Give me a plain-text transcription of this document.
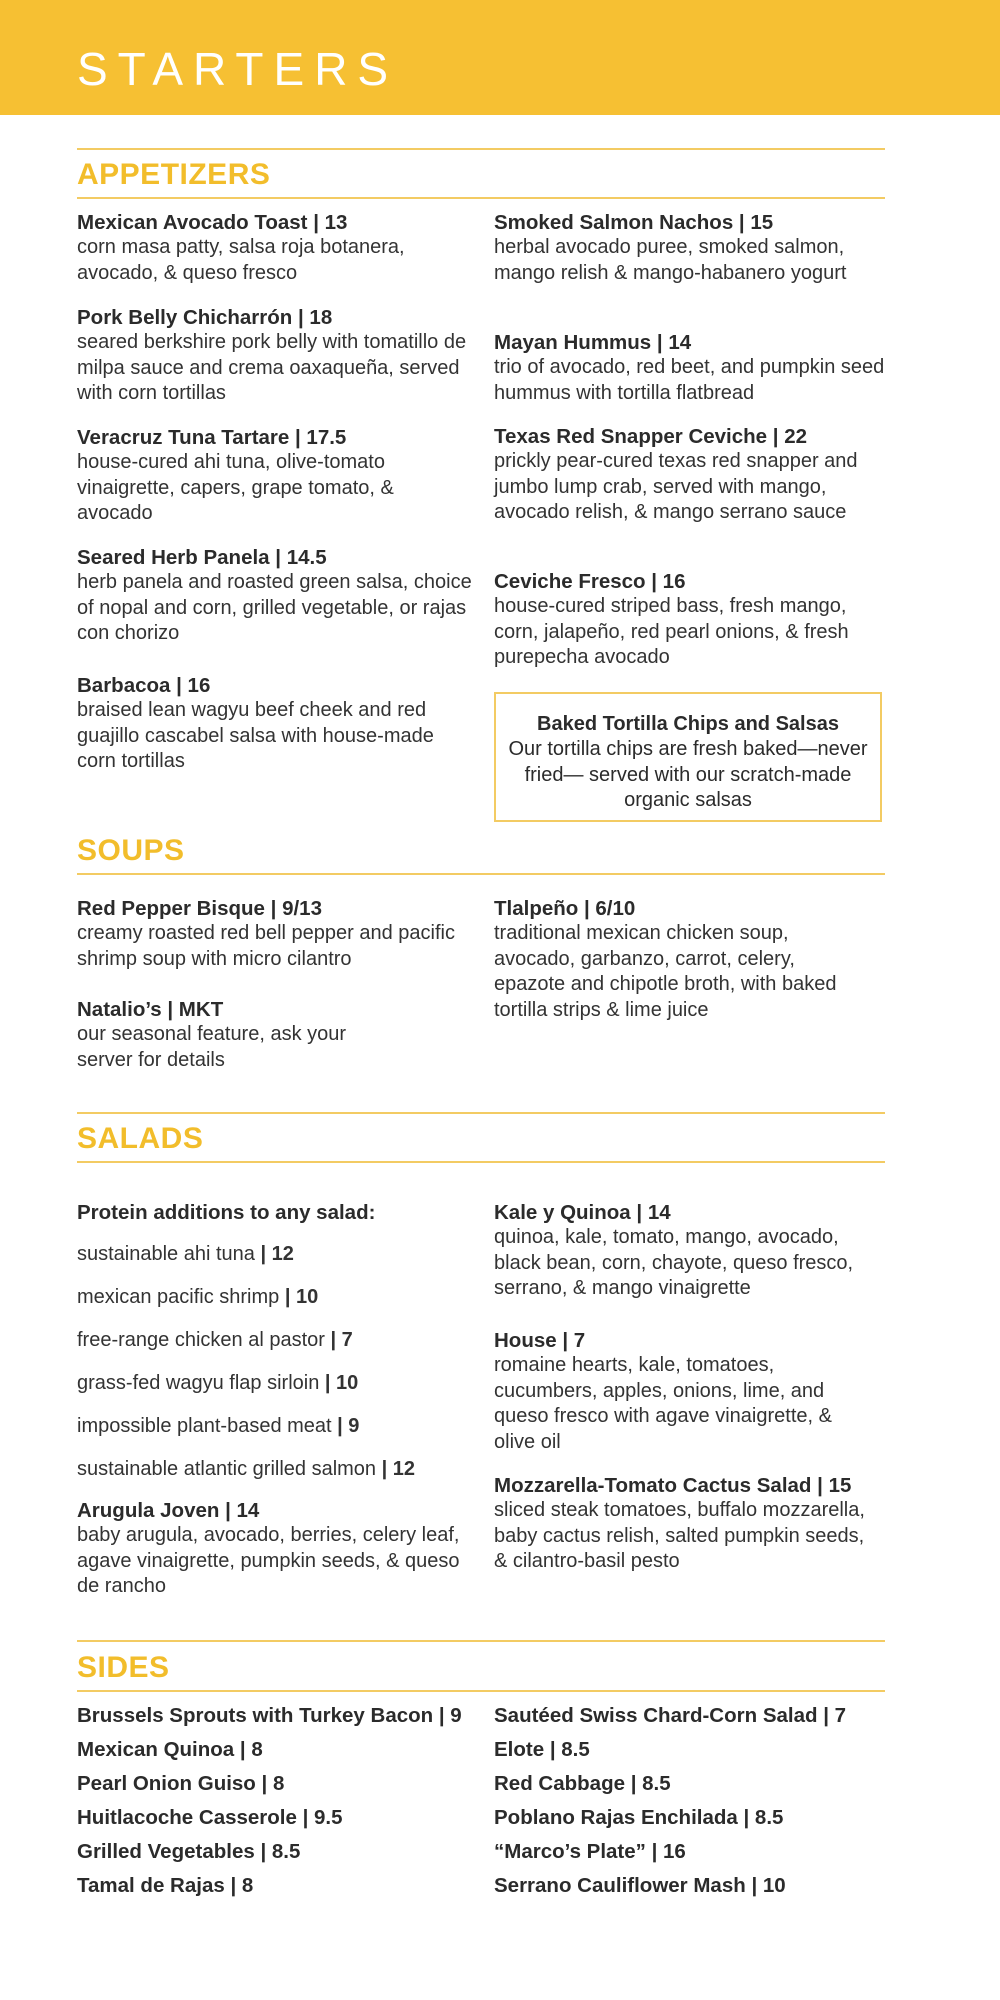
STARTERS
APPETIZERS
Mexican Avocado Toast | 13
corn masa patty, salsa roja botanera, avocado, & queso fresco
Pork Belly Chicharrón | 18
seared berkshire pork belly with tomatillo de milpa sauce and crema oaxaqueña, served with corn tortillas
Veracruz Tuna Tartare | 17.5
house-cured ahi tuna, olive-tomato vinaigrette, capers, grape tomato, & avocado
Seared Herb Panela | 14.5
herb panela and roasted green salsa, choice of nopal and corn, grilled vegetable, or rajas con chorizo
Barbacoa | 16
braised lean wagyu beef cheek and red guajillo cascabel salsa with house-made corn tortillas
Smoked Salmon Nachos | 15
herbal avocado puree, smoked salmon, mango relish & mango-habanero yogurt
Mayan Hummus | 14
trio of avocado, red beet, and pumpkin seed hummus with tortilla flatbread
Texas Red Snapper Ceviche | 22
prickly pear-cured texas red snapper and jumbo lump crab, served with mango, avocado relish, & mango serrano sauce
Ceviche Fresco | 16
house-cured striped bass, fresh mango, corn, jalapeño, red pearl onions, & fresh purepecha avocado
Baked Tortilla Chips and Salsas
Our tortilla chips are fresh baked—never fried— served with our scratch-made organic salsas
SOUPS
Red Pepper Bisque | 9/13
creamy roasted red bell pepper and pacific shrimp soup with micro cilantro
Natalio’s | MKT
our seasonal feature, ask your server for details
Tlalpeño | 6/10
traditional mexican chicken soup, avocado, garbanzo, carrot, celery, epazote and chipotle broth, with baked tortilla strips & lime juice
SALADS
Protein additions to any salad:
sustainable ahi tuna | 12
mexican pacific shrimp | 10
free-range chicken al pastor | 7
grass-fed wagyu flap sirloin | 10
impossible plant-based meat | 9
sustainable atlantic grilled salmon | 12
Arugula Joven | 14
baby arugula, avocado, berries, celery leaf, agave vinaigrette, pumpkin seeds, & queso de rancho
Kale y Quinoa | 14
quinoa, kale, tomato, mango, avocado, black bean, corn, chayote, queso fresco, serrano, & mango vinaigrette
House | 7
romaine hearts, kale, tomatoes, cucumbers, apples, onions, lime, and queso fresco with agave vinaigrette, & olive oil
Mozzarella-Tomato Cactus Salad | 15
sliced steak tomatoes, buffalo mozzarella, baby cactus relish, salted pumpkin seeds, & cilantro-basil pesto
SIDES
Brussels Sprouts with Turkey Bacon | 9
Mexican Quinoa | 8
Pearl Onion Guiso | 8
Huitlacoche Casserole | 9.5
Grilled Vegetables | 8.5
Tamal de Rajas | 8
Sautéed Swiss Chard-Corn Salad | 7
Elote | 8.5
Red Cabbage | 8.5
Poblano Rajas Enchilada | 8.5
“Marco’s Plate” | 16
Serrano Cauliflower Mash | 10
